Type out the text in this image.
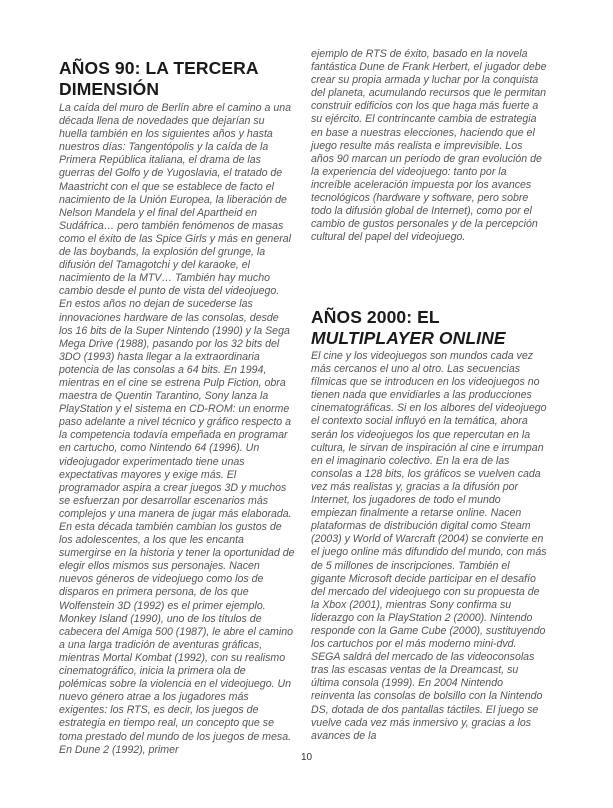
AÑOS 90: LA TERCERA DIMENSIÓN

La caída del muro de Berlín abre el camino a una década llena de novedades que dejarían su huella también en los siguientes años y hasta nuestros días: Tangentópolis y la caída de la Primera República italiana, el drama de las guerras del Golfo y de Yugoslavia, el tratado de Maastricht con el que se establece de facto el nacimiento de la Unión Europea, la liberación de Nelson Mandela y el final del Apartheid en Sudáfrica… pero también fenómenos de masas como el éxito de las Spice Girls y más en general de las boybands, la explosión del grunge, la difusión del Tamagotchi y del karaoke, el nacimiento de la MTV… También hay mucho cambio desde el punto de vista del videojuego. En estos años no dejan de sucederse las innovaciones hardware de las consolas, desde los 16 bits de la Super Nintendo (1990) y la Sega Mega Drive (1988), pasando por los 32 bits del 3DO (1993) hasta llegar a la extraordinaria potencia de las consolas a 64 bits. En 1994, mientras en el cine se estrena Pulp Fiction, obra maestra de Quentin Tarantino, Sony lanza la PlayStation y el sistema en CD-ROM: un enorme paso adelante a nivel técnico y gráfico respecto a la competencia todavía empeñada en programar en cartucho, como Nintendo 64 (1996). Un videojugador experimentado tiene unas expectativas mayores y exige más. El programador aspira a crear juegos 3D y muchos se esfuerzan por desarrollar escenarios más complejos y una manera de jugar más elaborada. En esta década también cambian los gustos de los adolescentes, a los que les encanta sumergirse en la historia y tener la oportunidad de elegir ellos mismos sus personajes. Nacen nuevos géneros de videojuego como los de disparos en primera persona, de los que Wolfenstein 3D (1992) es el primer ejemplo. Monkey Island (1990), uno de los títulos de cabecera del Amiga 500 (1987), le abre el camino a una larga tradición de aventuras gráficas, mientras Mortal Kombat (1992), con su realismo cinematográfico, inicia la primera ola de polémicas sobre la violencia en el videojuego. Un nuevo género atrae a los jugadores más exigentes: los RTS, es decir, los juegos de estrategia en tiempo real, un concepto que se toma prestado del mundo de los juegos de mesa. En Dune 2 (1992), primer

ejemplo de RTS de éxito, basado en la novela fantástica Dune de Frank Herbert, el jugador debe crear su propia armada y luchar por la conquista del planeta, acumulando recursos que le permitan construir edificios con los que haga más fuerte a su ejército. El contrincante cambia de estrategia en base a nuestras elecciones, haciendo que el juego resulte más realista e imprevisible. Los años 90 marcan un período de gran evolución de la experiencia del videojuego: tanto por la increíble aceleración impuesta por los avances tecnológicos (hardware y software, pero sobre todo la difusión global de Internet), como por el cambio de gustos personales y de la percepción cultural del papel del videojuego.

AÑOS 2000: EL MULTIPLAYER ONLINE

El cine y los videojuegos son mundos cada vez más cercanos el uno al otro. Las secuencias fílmicas que se introducen en los videojuegos no tienen nada que envidiarles a las producciones cinematográficas. Si en los albores del videojuego el contexto social influyó en la temática, ahora serán los videojuegos los que repercutan en la cultura, le sirvan de inspiración al cine e irrumpan en el imaginario colectivo. En la era de las consolas a 128 bits, los gráficos se vuelven cada vez más realistas y, gracias a la difusión por Internet, los jugadores de todo el mundo empiezan finalmente a retarse online. Nacen plataformas de distribución digital como Steam (2003) y World of Warcraft (2004) se convierte en el juego online más difundido del mundo, con más de 5 millones de inscripciones. También el gigante Microsoft decide participar en el desafío del mercado del videojuego con su propuesta de la Xbox (2001), mientras Sony confirma su liderazgo con la PlayStation 2 (2000). Nintendo responde con la Game Cube (2000), sustituyendo los cartuchos por el más moderno mini-dvd. SEGA saldrá del mercado de las videoconsolas tras las escasas ventas de la Dreamcast, su última consola (1999). En 2004 Nintendo reinventa las consolas de bolsillo con la Nintendo DS, dotada de dos pantallas táctiles. El juego se vuelve cada vez más inmersivo y, gracias a los avances de la

10
